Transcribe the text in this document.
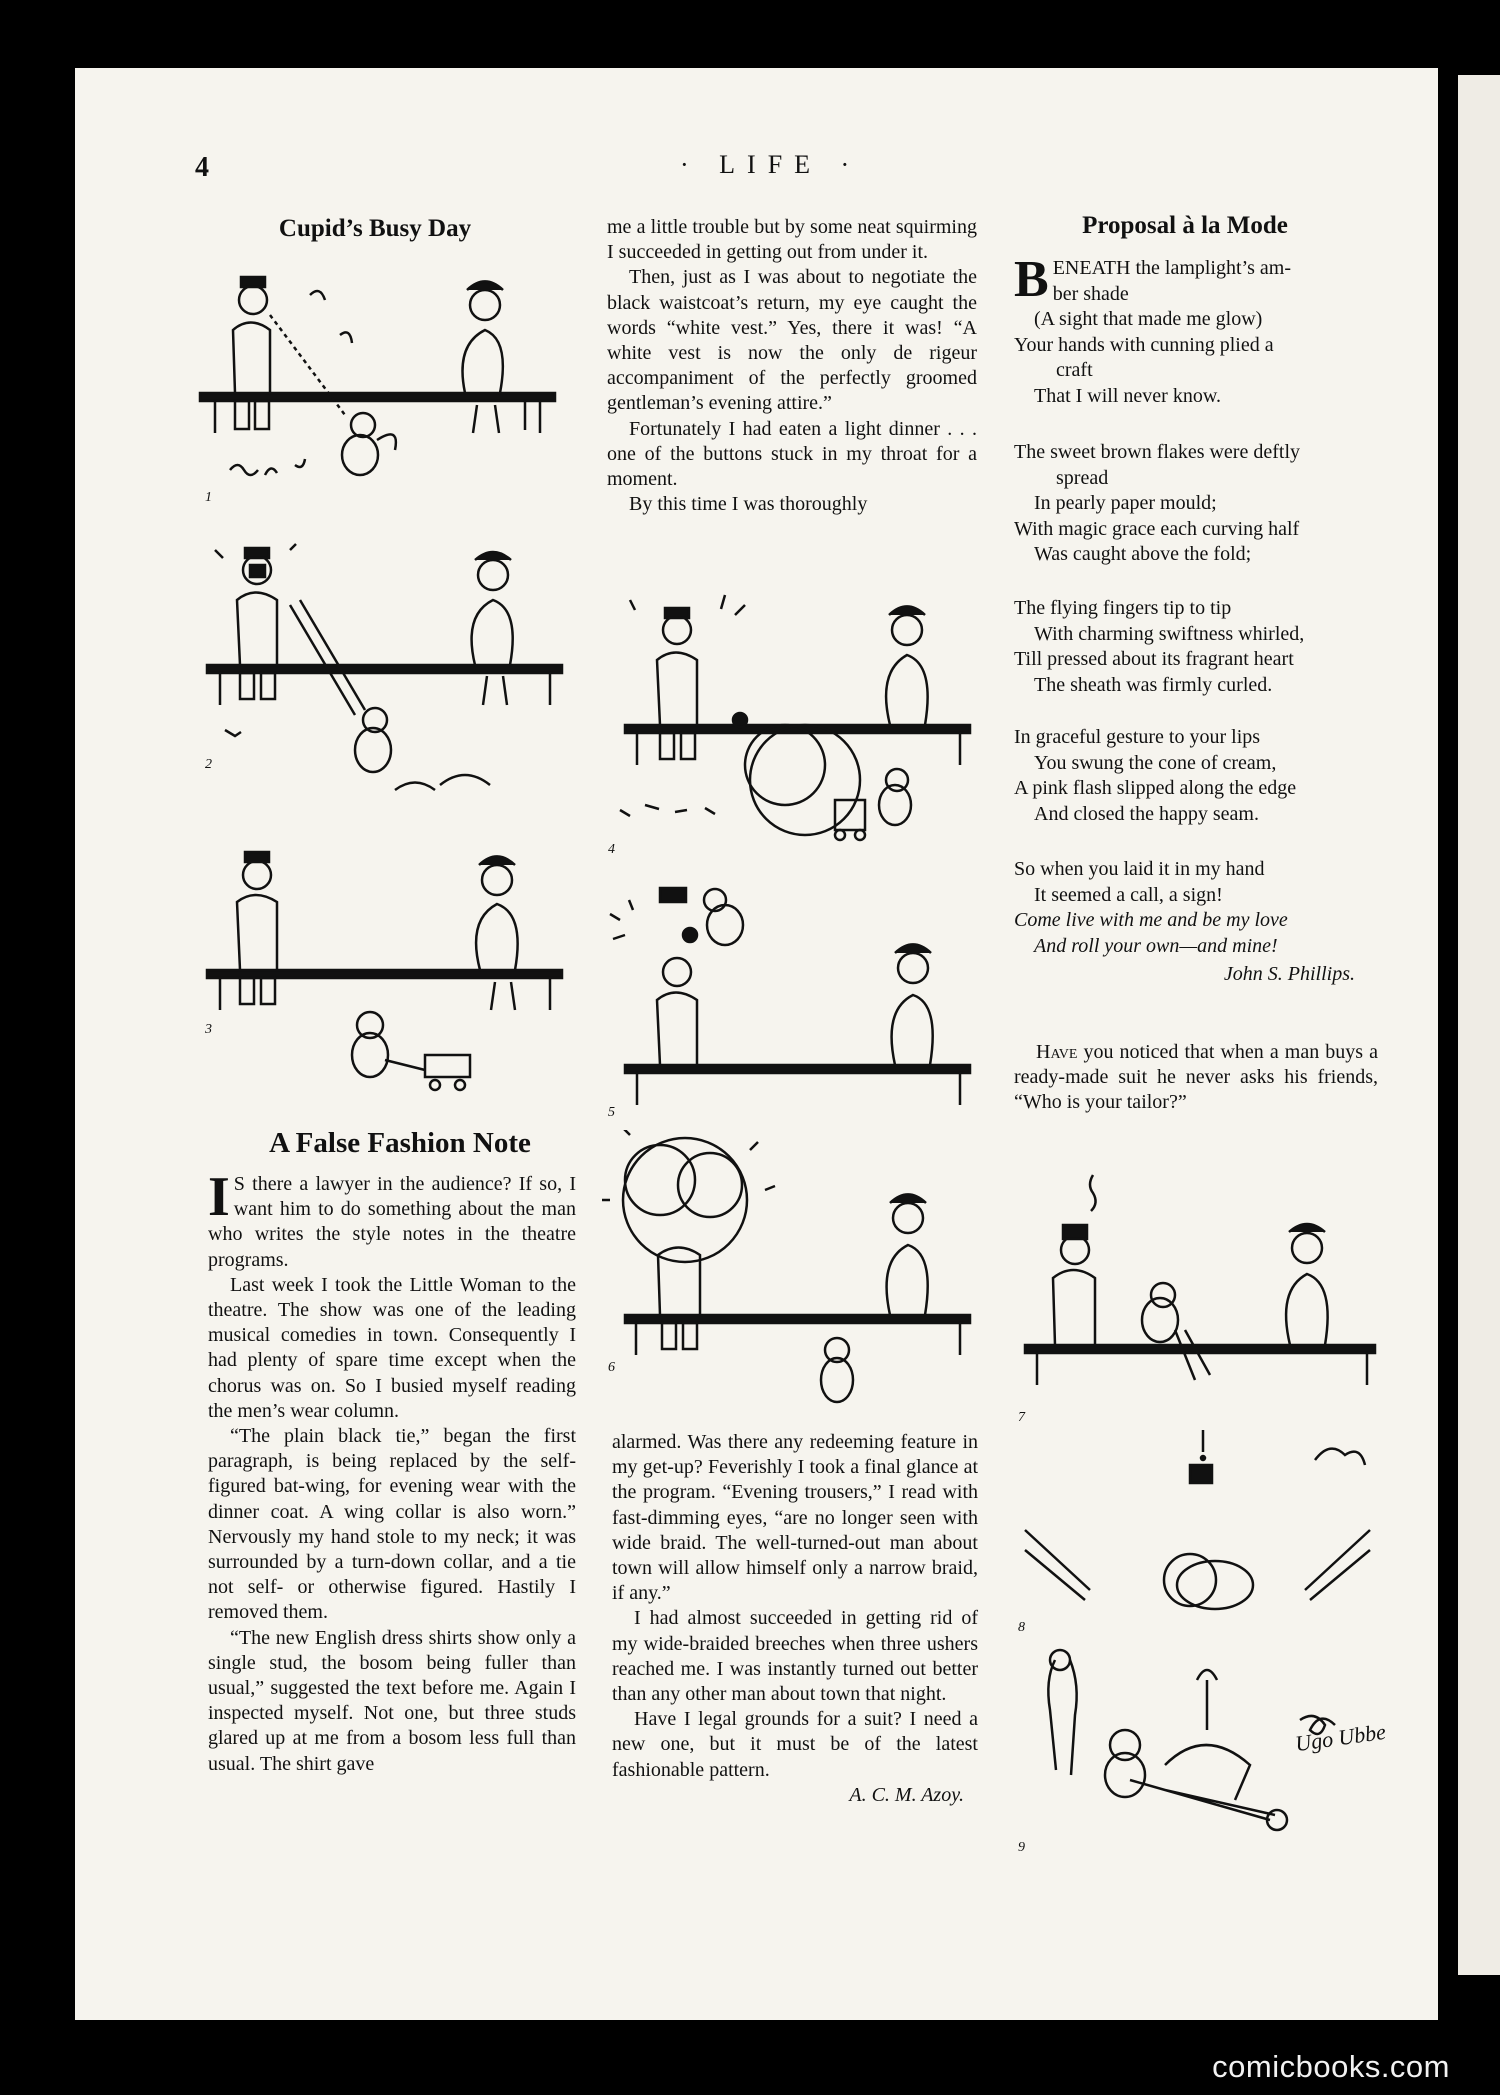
4	· LIFE ·
Cupid’s Busy Day
1
2
3
4
5
6
7
8
9
A False Fashion Note

I S there a lawyer in the audience? If so, I want him to do something about the man who writes the style notes in the theatre programs.

Last week I took the Little Woman to the theatre. The show was one of the leading musical comedies in town. Consequently I had plenty of spare time except when the chorus was on. So I busied myself reading the men’s wear column.

“The plain black tie,” began the first paragraph, is being replaced by the self-figured bat-wing, for evening wear with the dinner coat. A wing collar is also worn.” Nervously my hand stole to my neck; it was surrounded by a turn-down collar, and a tie not self- or otherwise figured. Hastily I removed them.

“The new English dress shirts show only a single stud, the bosom being fuller than usual,” suggested the text before me. Again I inspected myself. Not one, but three studs glared up at me from a bosom less full than usual. The shirt gave

me a little trouble but by some neat squirming I succeeded in getting out from under it.

Then, just as I was about to negotiate the black waistcoat’s return, my eye caught the words “white vest.” Yes, there it was! “A white vest is now the only de rigeur accompaniment of the perfectly groomed gentleman’s evening attire.”

Fortunately I had eaten a light dinner . . . one of the buttons stuck in my throat for a moment.

By this time I was thoroughly

alarmed. Was there any redeeming feature in my get-up? Feverishly I took a final glance at the program. “Evening trousers,” I read with fast-dimming eyes, “are no longer seen with wide braid. The well-turned-out man about town will allow himself only a narrow braid, if any.”

I had almost succeeded in getting rid of my wide-braided breeches when three ushers reached me. I was instantly turned out better than any other man about town that night.

Have I legal grounds for a suit? I need a new one, but it must be of the latest fashionable pattern.

A. C. M. Azoy.
Proposal à la Mode
BENEATH the lamplight’s am-
ber shade
(A sight that made me glow)
Your hands with cunning plied a
craft
That I will never know.
The sweet brown flakes were deftly
spread
In pearly paper mould;
With magic grace each curving half
Was caught above the fold;
The flying fingers tip to tip
With charming swiftness whirled,
Till pressed about its fragrant heart
The sheath was firmly curled.
In graceful gesture to your lips
You swung the cone of cream,
A pink flash slipped along the edge
And closed the happy seam.
So when you laid it in my hand
It seemed a call, a sign!
Come live with me and be my love
And roll your own—and mine!
John S. Phillips.

Have you noticed that when a man buys a ready-made suit he never asks his friends, “Who is your tailor?”

Ugo Ubbe
comicbooks.com
